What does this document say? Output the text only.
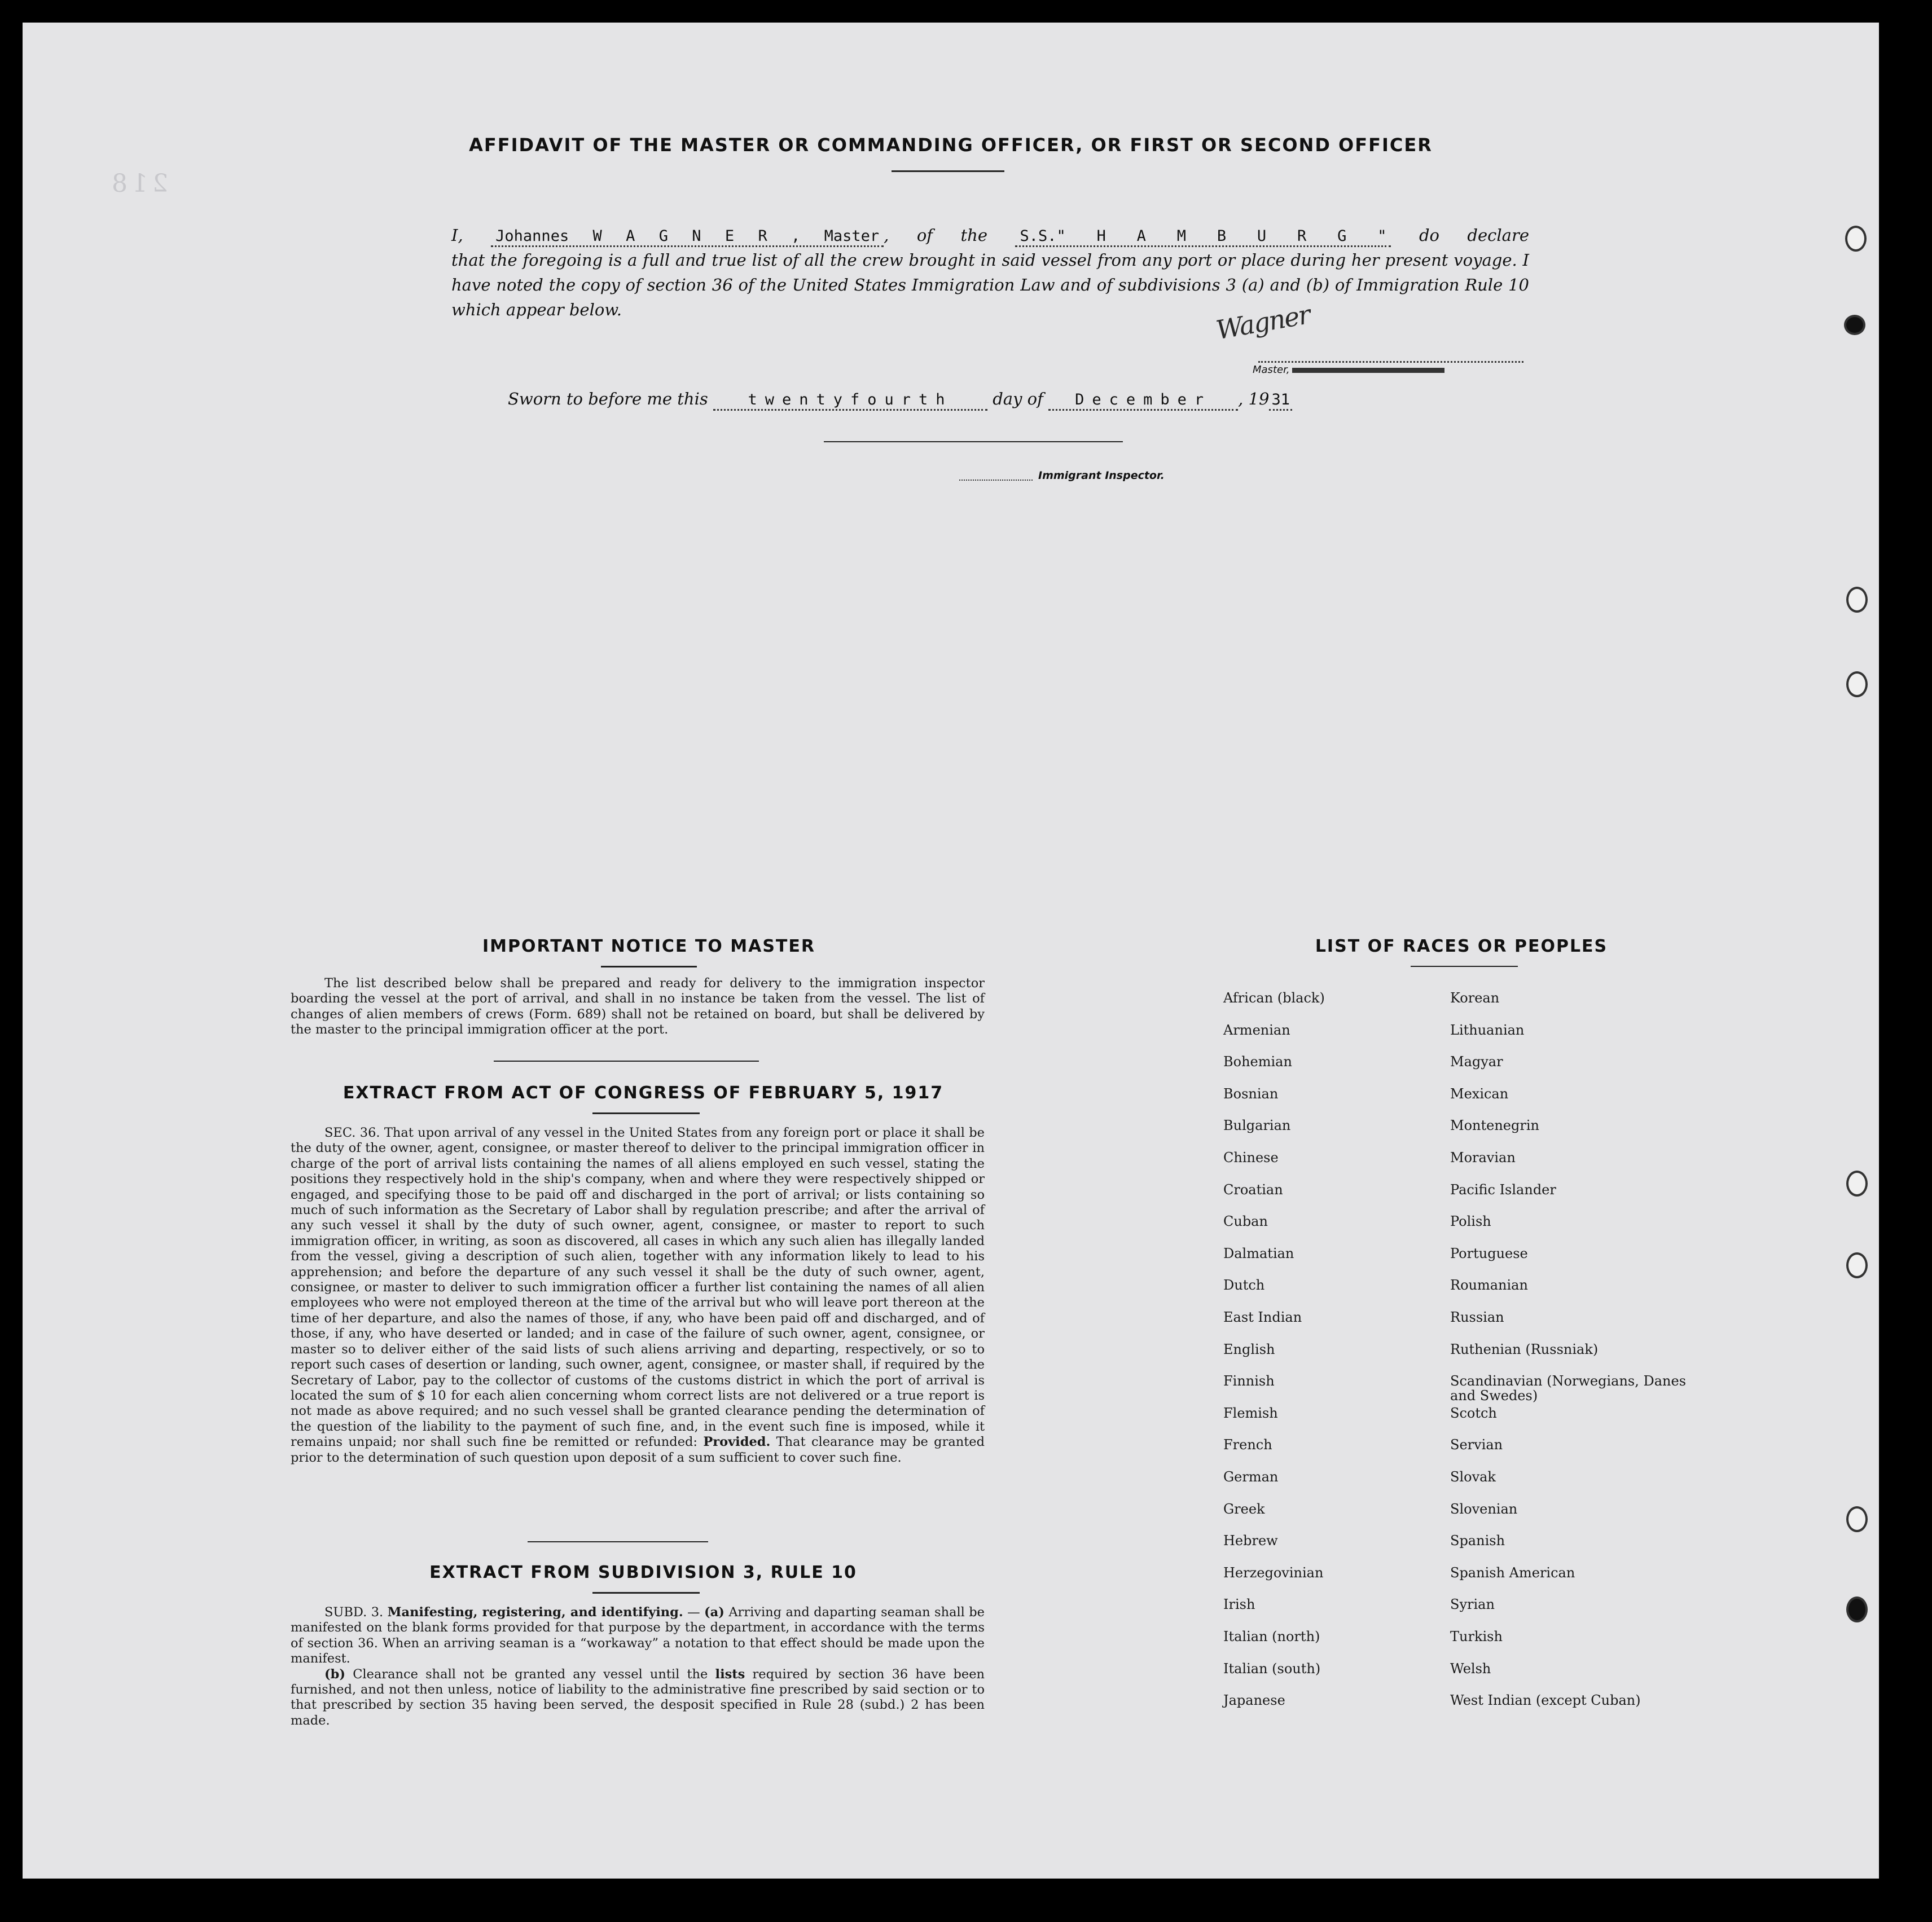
218
AFFIDAVIT OF THE MASTER OR COMMANDING OFFICER, OR FIRST OR SECOND OFFICER
I, Johannes W A G N E R , Master , of the S.S." H A M B U R G " do declare
that the foregoing is a full and true list of all the crew brought in said vessel from any port or place during her present voyage. I have noted the copy of section 36 of the United States Immigration Law and of subdivisions 3 (a) and (b) of Immigration Rule 10 which appear below.	Wagner
Master,
Sworn to before me this	twentyfourth day of December , 19 31
Immigrant Inspector.
IMPORTANT NOTICE TO MASTER
The list described below shall be prepared and ready for delivery to the immigration inspector boarding the vessel at the port of arrival, and shall in no instance be taken from the vessel. The list of changes of alien members of crews (Form. 689) shall not be retained on board, but shall be delivered by the master to the principal immigration officer at the port.
EXTRACT FROM ACT OF CONGRESS OF FEBRUARY 5, 1917
SEC. 36. That upon arrival of any vessel in the United States from any foreign port or place it shall be the duty of the owner, agent, consignee, or master thereof to deliver to the principal immigration officer in charge of the port of arrival lists containing the names of all aliens employed en such vessel, stating the positions they respectively hold in the ship's company, when and where they were respectively shipped or engaged, and specifying those to be paid off and discharged in the port of arrival; or lists containing so much of such information as the Secretary of Labor shall by regulation prescribe; and after the arrival of any such vessel it shall by the duty of such owner, agent, consignee, or master to report to such immigration officer, in writing, as soon as discovered, all cases in which any such alien has illegally landed from the vessel, giving a description of such alien, together with any information likely to lead to his apprehension; and before the departure of any such vessel it shall be the duty of such owner, agent, consignee, or master to deliver to such immigration officer a further list containing the names of all alien employees who were not employed thereon at the time of the arrival but who will leave port thereon at the time of her departure, and also the names of those, if any, who have been paid off and discharged, and of those, if any, who have deserted or landed; and in case of the failure of such owner, agent, consignee, or master so to deliver either of the said lists of such aliens arriving and departing, respectively, or so to report such cases of desertion or landing, such owner, agent, consignee, or master shall, if required by the Secretary of Labor, pay to the collector of customs of the customs district in which the port of arrival is located the sum of $ 10 for each alien concerning whom correct lists are not delivered or a true report is not made as above required; and no such vessel shall be granted clearance pending the determination of the question of the liability to the payment of such fine, and, in the event such fine is imposed, while it remains unpaid; nor shall such fine be remitted or refunded: Provided. That clearance may be granted prior to the determination of such question upon deposit of a sum sufficient to cover such fine.
EXTRACT FROM SUBDIVISION 3, RULE 10
SUBD. 3. Manifesting, registering, and identifying. — (a) Arriving and daparting seaman shall be manifested on the blank forms provided for that purpose by the department, in accordance with the terms of section 36. When an arriving seaman is a “workaway” a notation to that effect should be made upon the manifest.
(b) Clearance shall not be granted any vessel until the lists required by section 36 have been furnished, and not then unless, notice of liability to the administrative fine prescribed by said section or to that prescribed by section 35 having been served, the desposit specified in Rule 28 (subd.) 2 has been made.
LIST OF RACES OR PEOPLES
African (black)
Armenian
Bohemian
Bosnian
Bulgarian
Chinese
Croatian
Cuban
Dalmatian
Dutch
East Indian
English
Finnish
Flemish
French
German
Greek
Hebrew
Herzegovinian
Irish
Italian (north)
Italian (south)
Japanese
Korean
Lithuanian
Magyar
Mexican
Montenegrin
Moravian
Pacific Islander
Polish
Portuguese
Roumanian
Russian
Ruthenian (Russniak)
Scandinavian (Norwegians, Danes and Swedes)
Scotch
Servian
Slovak
Slovenian
Spanish
Spanish American
Syrian
Turkish
Welsh
West Indian (except Cuban)
